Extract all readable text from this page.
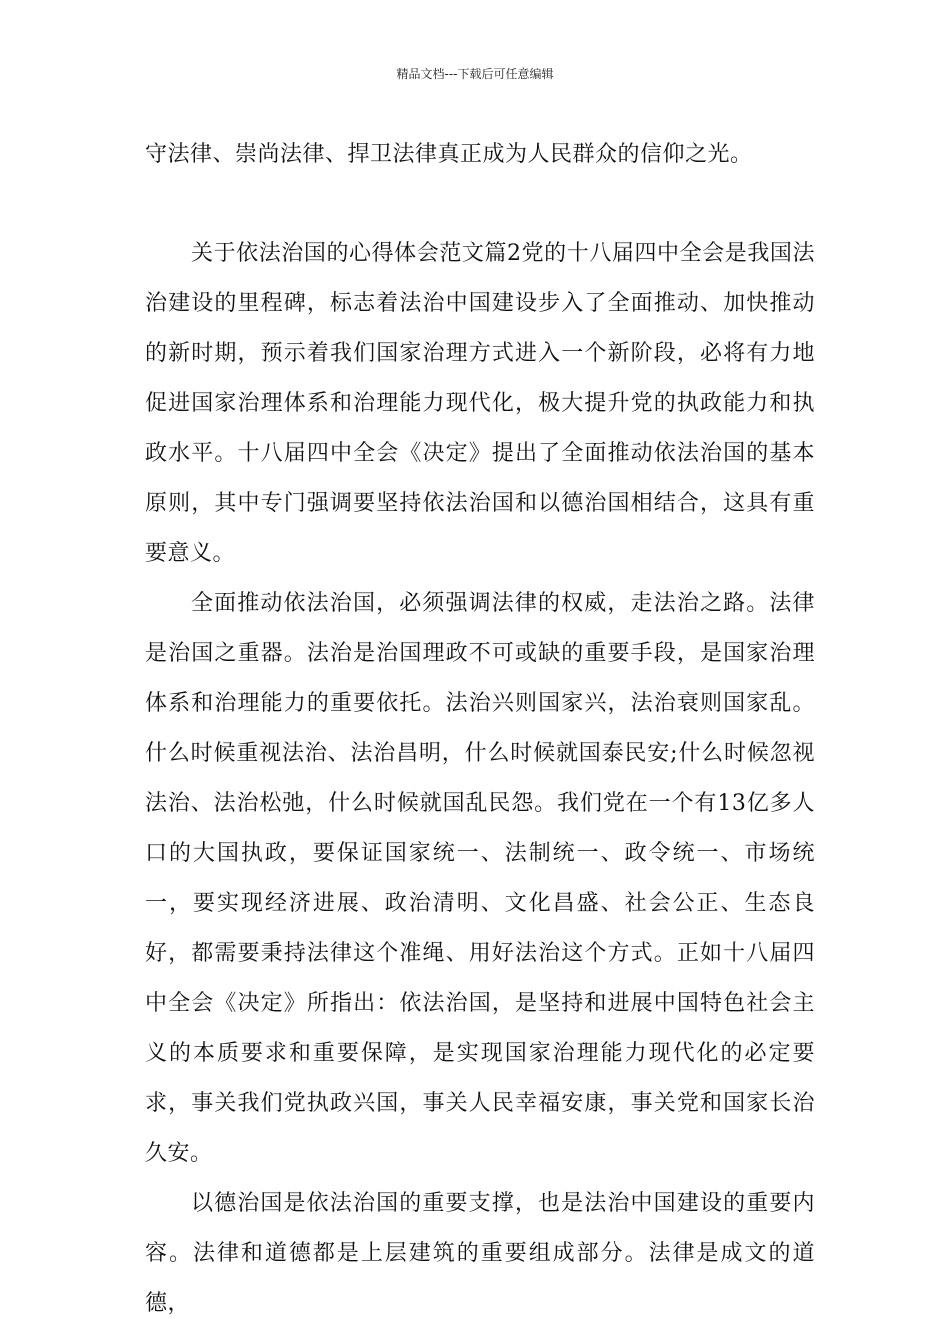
精品文档---下载后可任意编辑

守法律、崇尚法律、捍卫法律真正成为人民群众的信仰之光。

关于依法治国的心得体会范文篇2党的十八届四中全会是我国法治建设的里程碑，标志着法治中国建设步入了全面推动、加快推动的新时期，预示着我们国家治理方式进入一个新阶段，必将有力地促进国家治理体系和治理能力现代化，极大提升党的执政能力和执政水平。十八届四中全会《决定》提出了全面推动依法治国的基本原则，其中专门强调要坚持依法治国和以德治国相结合，这具有重要意义。

全面推动依法治国，必须强调法律的权威，走法治之路。法律是治国之重器。法治是治国理政不可或缺的重要手段，是国家治理体系和治理能力的重要依托。法治兴则国家兴，法治衰则国家乱。什么时候重视法治、法治昌明，什么时候就国泰民安;什么时候忽视法治、法治松弛，什么时候就国乱民怨。我们党在一个有13亿多人口的大国执政，要保证国家统一、法制统一、政令统一、市场统一，要实现经济进展、政治清明、文化昌盛、社会公正、生态良好，都需要秉持法律这个准绳、用好法治这个方式。正如十八届四中全会《决定》所指出：依法治国，是坚持和进展中国特色社会主义的本质要求和重要保障，是实现国家治理能力现代化的必定要求，事关我们党执政兴国，事关人民幸福安康，事关党和国家长治久安。

以德治国是依法治国的重要支撑，也是法治中国建设的重要内容。法律和道德都是上层建筑的重要组成部分。法律是成文的道德，
